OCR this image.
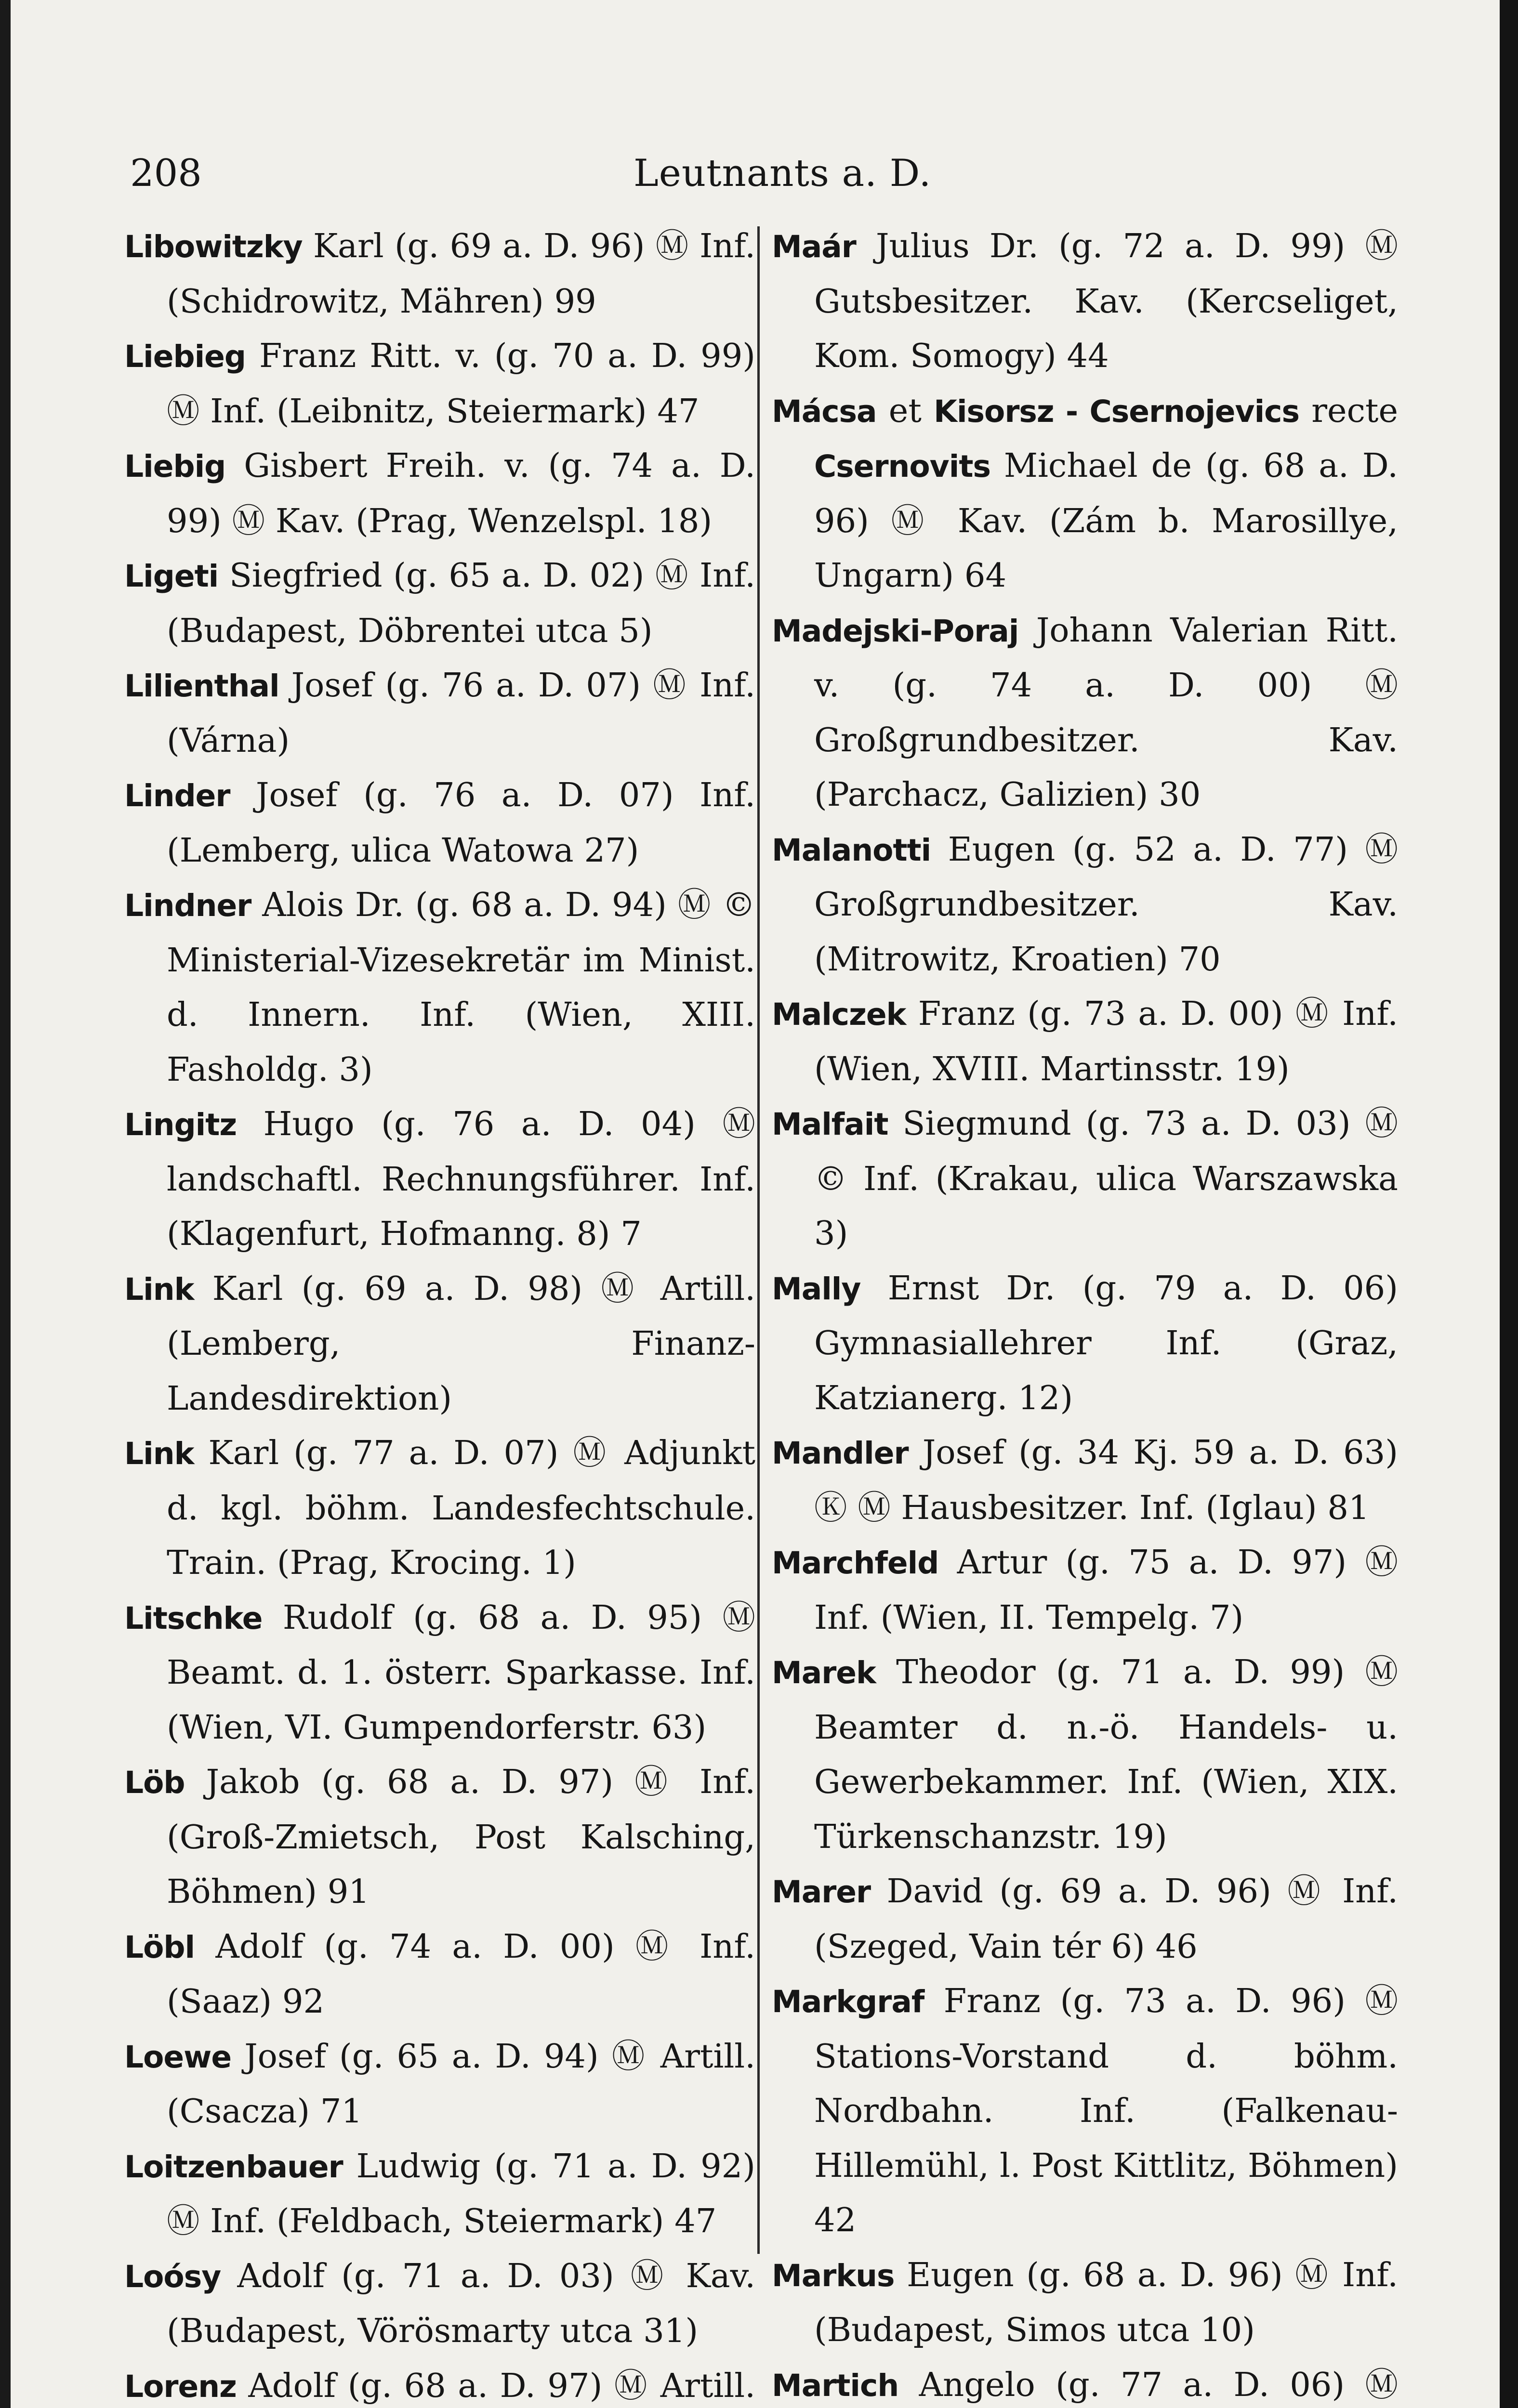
208	Leutnants a. D.

Libowitzky Karl (g. 69 a. D. 96) Ⓜ Inf. (Schidrowitz, Mähren) 99

Liebieg Franz Ritt. v. (g. 70 a. D. 99) Ⓜ Inf. (Leibnitz, Steiermark) 47

Liebig Gisbert Freih. v. (g. 74 a. D. 99) Ⓜ Kav. (Prag, Wenzelspl. 18)

Ligeti Siegfried (g. 65 a. D. 02) Ⓜ Inf. (Budapest, Döbrentei utca 5)

Lilienthal Josef (g. 76 a. D. 07) Ⓜ Inf. (Várna)

Linder Josef (g. 76 a. D. 07) Inf. (Lemberg, ulica Watowa 27)

Lindner Alois Dr. (g. 68 a. D. 94) Ⓜ © Ministerial-Vizesekretär im Minist. d. Innern. Inf. (Wien, XIII. Fasholdg. 3)

Lingitz Hugo (g. 76 a. D. 04) Ⓜ landschaftl. Rechnungsführer. Inf. (Klagenfurt, Hofmanng. 8) 7

Link Karl (g. 69 a. D. 98) Ⓜ Artill. (Lemberg, Finanz-Landesdirektion)

Link Karl (g. 77 a. D. 07) Ⓜ Adjunkt d. kgl. böhm. Landesfechtschule. Train. (Prag, Krocing. 1)

Litschke Rudolf (g. 68 a. D. 95) Ⓜ Beamt. d. 1. österr. Sparkasse. Inf. (Wien, VI. Gumpendorferstr. 63)

Löb Jakob (g. 68 a. D. 97) Ⓜ Inf. (Groß-Zmietsch, Post Kalsching, Böhmen) 91

Löbl Adolf (g. 74 a. D. 00) Ⓜ Inf. (Saaz) 92

Loewe Josef (g. 65 a. D. 94) Ⓜ Artill. (Csacza) 71

Loitzenbauer Ludwig (g. 71 a. D. 92) Ⓜ Inf. (Feldbach, Steiermark) 47

Loósy Adolf (g. 71 a. D. 03) Ⓜ Kav. (Budapest, Vörösmarty utca 31)

Lorenz Adolf (g. 68 a. D. 97) Ⓜ Artill.

Maár Julius Dr. (g. 72 a. D. 99) Ⓜ Gutsbesitzer. Kav. (Kercseliget, Kom. Somogy) 44

Mácsa et Kisorsz - Csernojevics recte Csernovits Michael de (g. 68 a. D. 96) Ⓜ Kav. (Zám b. Marosillye, Ungarn) 64

Madejski-Poraj Johann Valerian Ritt. v. (g. 74 a. D. 00) Ⓜ Großgrundbesitzer. Kav. (Parchacz, Galizien) 30

Malanotti Eugen (g. 52 a. D. 77) Ⓜ Großgrundbesitzer. Kav. (Mitrowitz, Kroatien) 70

Malczek Franz (g. 73 a. D. 00) Ⓜ Inf. (Wien, XVIII. Martinsstr. 19)

Malfait Siegmund (g. 73 a. D. 03) Ⓜ © Inf. (Krakau, ulica Warszawska 3)

Mally Ernst Dr. (g. 79 a. D. 06) Gymnasiallehrer Inf. (Graz, Katzianerg. 12)

Mandler Josef (g. 34 Kj. 59 a. D. 63) Ⓚ Ⓜ Hausbesitzer. Inf. (Iglau) 81

Marchfeld Artur (g. 75 a. D. 97) Ⓜ Inf. (Wien, II. Tempelg. 7)

Marek Theodor (g. 71 a. D. 99) Ⓜ Beamter d. n.-ö. Handels- u. Gewerbekammer. Inf. (Wien, XIX. Türkenschanzstr. 19)

Marer David (g. 69 a. D. 96) Ⓜ Inf. (Szeged, Vain tér 6) 46

Markgraf Franz (g. 73 a. D. 96) Ⓜ Stations-Vorstand d. böhm. Nordbahn. Inf. (Falkenau-Hillemühl, l. Post Kittlitz, Böhmen) 42

Markus Eugen (g. 68 a. D. 96) Ⓜ Inf. (Budapest, Simos utca 10)

Martich Angelo (g. 77 a. D. 06) Ⓜ
